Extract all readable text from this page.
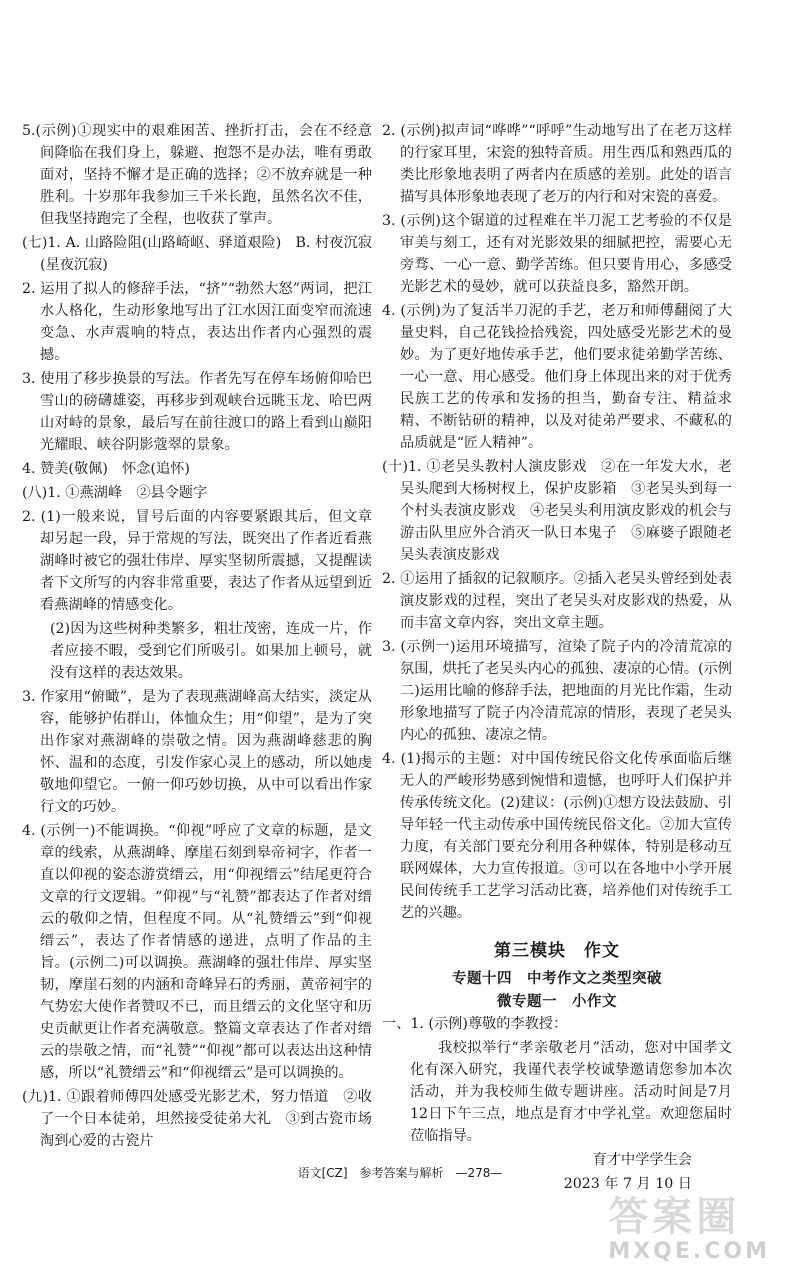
5.(示例)①现实中的艰难困苦、挫折打击，会在不经意间降临在我们身上，躲避、抱怨不是办法，唯有勇敢面对，坚持不懈才是正确的选择；②不放弃就是一种胜利。十岁那年我参加三千米长跑，虽然名次不佳，但我坚持跑完了全程，也收获了掌声。

(七)1. A. 山路险阻(山路崎岖、驿道艰险)　B. 村夜沉寂(星夜沉寂)

2. 运用了拟人的修辞手法，“挤”“勃然大怒”两词，把江水人格化，生动形象地写出了江水因江面变窄而流速变急、水声震响的特点，表达出作者内心强烈的震撼。

3. 使用了移步换景的写法。作者先写在停车场俯仰哈巴雪山的磅礴雄姿，再移步到观峡台远眺玉龙、哈巴两山对峙的景象，最后写在前往渡口的路上看到山巅阳光耀眼、峡谷阴影蔻翠的景象。

4. 赞美(敬佩)　怀念(追怀)

(八)1. ①燕湖峰　②县令题字

2. (1)一般来说，冒号后面的内容要紧跟其后，但文章却另起一段，异于常规的写法，既突出了作者近看燕湖峰时被它的强壮伟岸、厚实坚韧所震撼，又提醒读者下文所写的内容非常重要，表达了作者从远望到近看燕湖峰的情感变化。

(2)因为这些树种类繁多，粗壮茂密，连成一片，作者应接不暇，受到它们所吸引。如果加上顿号，就没有这样的表达效果。

3. 作家用“俯瞰”，是为了表现燕湖峰高大结实，淡定从容，能够护佑群山，体恤众生；用“仰望”，是为了突出作家对燕湖峰的崇敬之情。因为燕湖峰慈悲的胸怀、温和的态度，引发作家心灵上的感动，所以她虔敬地仰望它。一俯一仰巧妙切换，从中可以看出作家行文的巧妙。

4. (示例一)不能调换。“仰视”呼应了文章的标题，是文章的线索，从燕湖峰、摩崖石刻到皋帝祠字，作者一直以仰视的姿态游赏缙云，用“仰视缙云”结尾更符合文章的行文逻辑。“仰视”与“礼赞”都表达了作者对缙云的敬仰之情，但程度不同。从“礼赞缙云”到“仰视缙云”，表达了作者情感的递进，点明了作品的主旨。(示例二)可以调换。燕湖峰的强壮伟岸、厚实坚韧，摩崖石刻的内涵和奇峰异石的秀丽，黄帝祠宇的气势宏大使作者赞叹不已，而且缙云的文化坚守和历史贡献更让作者充满敬意。整篇文章表达了作者对缙云的崇敬之情，而“礼赞”“仰视”都可以表达出这种情感，所以“礼赞缙云”和“仰视缙云”是可以调换的。

(九)1. ①跟着师傅四处感受光影艺术，努力悟道　②收了一个日本徒弟，坦然接受徒弟大礼　③到古瓷市场淘到心爱的古瓷片

2. (示例)拟声词“哗哗”“呼呼”生动地写出了在老万这样的行家耳里，宋瓷的独特音质。用生西瓜和熟西瓜的类比形象地表明了两者内在质感的差别。此处的语言描写具体形象地表现了老万的内行和对宋瓷的喜爱。

3. (示例)这个锯道的过程难在半刀泥工艺考验的不仅是审美与刻工，还有对光影效果的细腻把控，需要心无旁骛、一心一意、勤学苦练。但只要肯用心，多感受光影艺术的曼妙，就可以获益良多，豁然开朗。

4. (示例)为了复活半刀泥的手艺，老万和师傅翻阅了大量史料，自己花钱捡拾残瓷，四处感受光影艺术的曼妙。为了更好地传承手艺，他们要求徒弟勤学苦练、一心一意、用心感受。他们身上体现出来的对于优秀民族工艺的传承和发扬的担当，勤奋专注、精益求精、不断钻研的精神，以及对徒弟严要求、不藏私的品质就是“匠人精神”。

(十)1. ①老吴头教村人演皮影戏　②在一年发大水，老吴头爬到大杨树杈上，保护皮影箱　③老吴头到每一个村头表演皮影戏　④老吴头利用演皮影戏的机会与游击队里应外合消灭一队日本鬼子　⑤麻婆子跟随老吴头表演皮影戏

2. ①运用了插叙的记叙顺序。②插入老吴头曾经到处表演皮影戏的过程，突出了老吴头对皮影戏的热爱，从而丰富文章内容，突出文章主题。

3. (示例一)运用环境描写，渲染了院子内的冷清荒凉的氛围，烘托了老吴头内心的孤独、凄凉的心情。(示例二)运用比喻的修辞手法，把地面的月光比作霜，生动形象地描写了院子内冷清荒凉的情形，表现了老吴头内心的孤独、凄凉之情。

4. (1)揭示的主题：对中国传统民俗文化传承面临后继无人的严峻形势感到惋惜和遗憾，也呼吁人们保护并传承传统文化。(2)建议：(示例)①想方设法鼓励、引导年轻一代主动传承中国传统民俗文化。②加大宣传力度，有关部门要充分利用各种媒体，特别是移动互联网媒体，大力宣传报道。③可以在各地中小学开展民间传统手工艺学习活动比赛，培养他们对传统手工艺的兴趣。

第三模块　作文
专题十四　中考作文之类型突破
微专题一　小作文

一、1. (示例)尊敬的李教授：

我校拟举行“孝亲敬老月”活动，您对中国孝文化有深入研究，我谨代表学校诚挚邀请您参加本次活动，并为我校师生做专题讲座。活动时间是7月12日下午三点，地点是育才中学礼堂。欢迎您届时莅临指导。

育才中学学生会

2023 年 7 月 10 日

语文[CZ]　参考答案与解析　—278—
答案圈
MXQE.COM
